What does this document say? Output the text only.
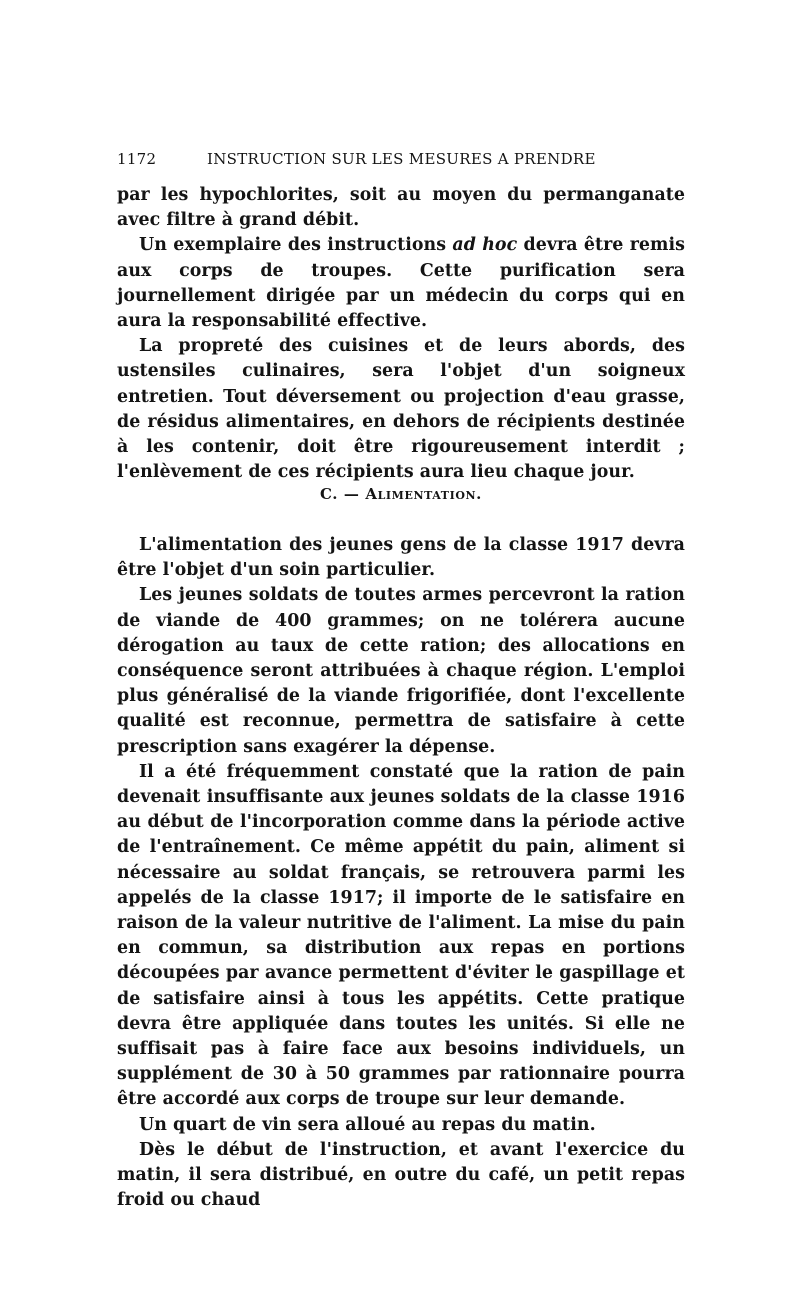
1172	INSTRUCTION SUR LES MESURES A PRENDRE

par les hypochlorites, soit au moyen du permanganate avec filtre à grand débit.

Un exemplaire des instructions ad hoc devra être remis aux corps de troupes. Cette purification sera journellement dirigée par un médecin du corps qui en aura la responsabilité effective.

La propreté des cuisines et de leurs abords, des ustensiles culinaires, sera l'objet d'un soigneux entretien. Tout déversement ou projection d'eau grasse, de résidus alimentaires, en dehors de récipients destinée à les contenir, doit être rigoureusement interdit ; l'enlèvement de ces récipients aura lieu chaque jour.

C. — Alimentation.

L'alimentation des jeunes gens de la classe 1917 devra être l'objet d'un soin particulier.

Les jeunes soldats de toutes armes percevront la ration de viande de 400 grammes; on ne tolérera aucune dérogation au taux de cette ration; des allocations en conséquence seront attribuées à chaque région. L'emploi plus généralisé de la viande frigorifiée, dont l'excellente qualité est reconnue, permettra de satisfaire à cette prescription sans exagérer la dépense.

Il a été fréquemment constaté que la ration de pain devenait insuffisante aux jeunes soldats de la classe 1916 au début de l'incorporation comme dans la période active de l'entraînement. Ce même appétit du pain, aliment si nécessaire au soldat français, se retrouvera parmi les appelés de la classe 1917; il importe de le satisfaire en raison de la valeur nutritive de l'aliment. La mise du pain en commun, sa distribution aux repas en portions découpées par avance permettent d'éviter le gaspillage et de satisfaire ainsi à tous les appétits. Cette pratique devra être appliquée dans toutes les unités. Si elle ne suffisait pas à faire face aux besoins individuels, un supplément de 30 à 50 grammes par rationnaire pourra être accordé aux corps de troupe sur leur demande.

Un quart de vin sera alloué au repas du matin.

Dès le début de l'instruction, et avant l'exercice du matin, il sera distribué, en outre du café, un petit repas froid ou chaud
